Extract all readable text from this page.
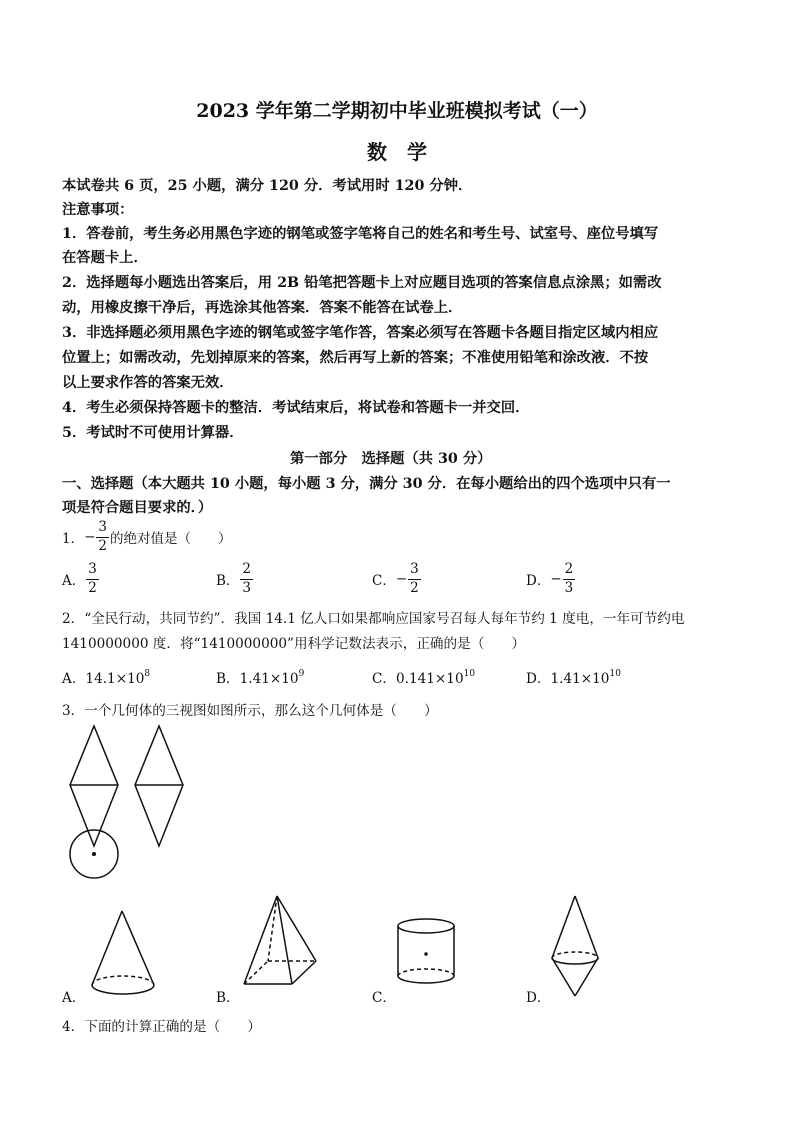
2023 学年第二学期初中毕业班模拟考试（一）
数　学
本试卷共 6 页，25 小题，满分 120 分．考试用时 120 分钟．
注意事项：
1．答卷前，考生务必用黑色字迹的钢笔或签字笔将自己的姓名和考生号、试室号、座位号填写
在答题卡上．
2．选择题每小题选出答案后，用 2B 铅笔把答题卡上对应题目选项的答案信息点涂黑；如需改
动，用橡皮擦干净后，再选涂其他答案．答案不能答在试卷上．
3．非选择题必须用黑色字迹的钢笔或签字笔作答，答案必须写在答题卡各题目指定区域内相应
位置上；如需改动，先划掉原来的答案，然后再写上新的答案；不准使用铅笔和涂改液．不按
以上要求作答的答案无效．
4．考生必须保持答题卡的整洁．考试结束后，将试卷和答题卡一并交回．
5．考试时不可使用计算器．
第一部分　选择题（共 30 分）
一、选择题（本大题共 10 小题，每小题 3 分，满分 30 分．在每小题给出的四个选项中只有一
项是符合题目要求的．）
1．− $\frac{3}{2}$ 的绝对值是（　　）
A． $\frac{3}{2}$	B． $\frac{2}{3}$	C．− $\frac{3}{2}$	D．− $\frac{2}{3}$
2．“全民行动，共同节约”．我国 14.1 亿人口如果都响应国家号召每人每年节约 1 度电，一年可节约电
1410000000 度．将“1410000000”用科学记数法表示，正确的是（　　）
A．$14.1\times 10^8$	B．$1.41\times 10^9$	C．$0.141\times 10^{10}$	D．$1.41\times 10^{10}$
3．一个几何体的三视图如图所示，那么这个几何体是（　　）
A．	B．	C．	D．
4．下面的计算正确的是（　　）
